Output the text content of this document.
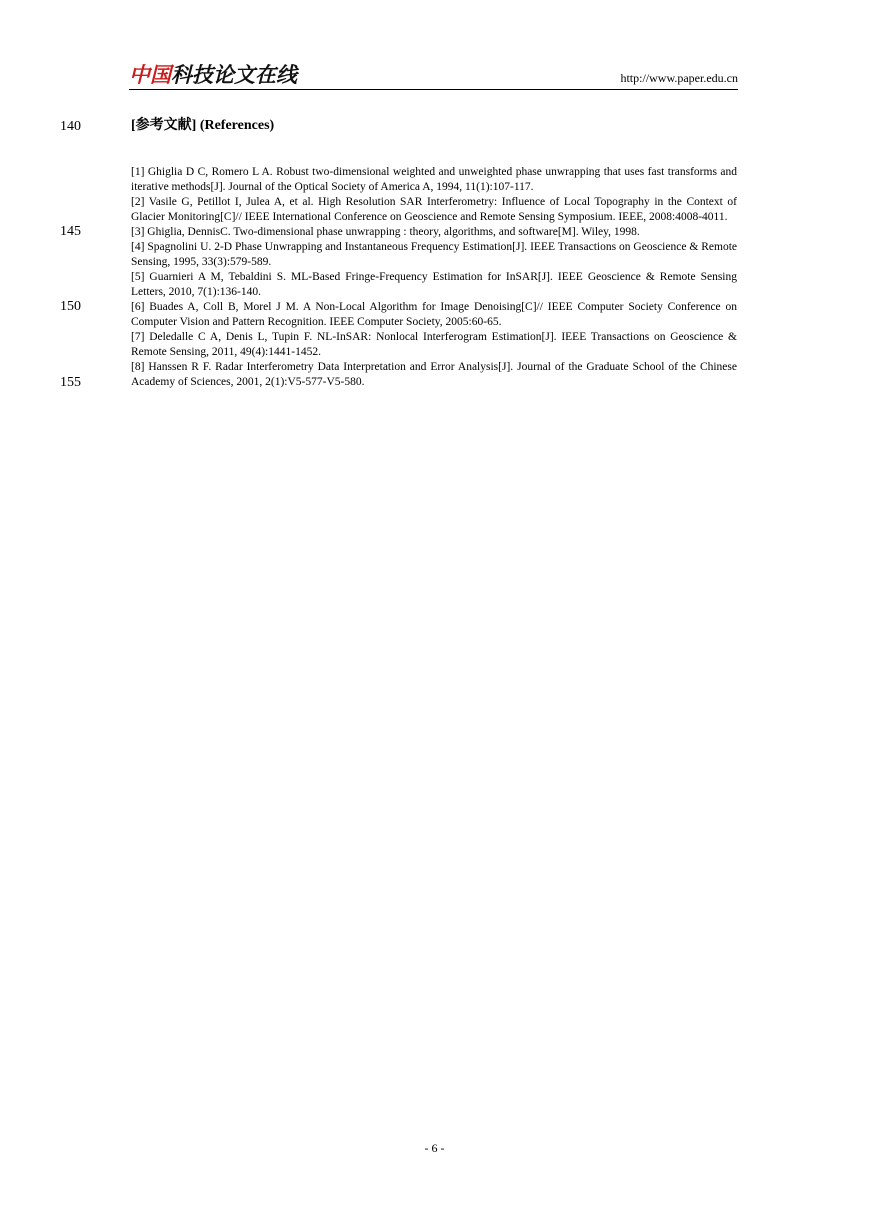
中国科技论文在线	http://www.paper.edu.cn
140
145
150
155
[参考文献] (References)

[1] Ghiglia D C, Romero L A. Robust two-dimensional weighted and unweighted phase unwrapping that uses fast transforms and iterative methods[J]. Journal of the Optical Society of America A, 1994, 11(1):107-117.

[2] Vasile G, Petillot I, Julea A, et al. High Resolution SAR Interferometry: Influence of Local Topography in the Context of Glacier Monitoring[C]// IEEE International Conference on Geoscience and Remote Sensing Symposium. IEEE, 2008:4008-4011.

[3] Ghiglia, DennisC. Two-dimensional phase unwrapping : theory, algorithms, and software[M]. Wiley, 1998.

[4] Spagnolini U. 2-D Phase Unwrapping and Instantaneous Frequency Estimation[J]. IEEE Transactions on Geoscience & Remote Sensing, 1995, 33(3):579-589.

[5] Guarnieri A M, Tebaldini S. ML-Based Fringe-Frequency Estimation for InSAR[J]. IEEE Geoscience & Remote Sensing Letters, 2010, 7(1):136-140.

[6] Buades A, Coll B, Morel J M. A Non-Local Algorithm for Image Denoising[C]// IEEE Computer Society Conference on Computer Vision and Pattern Recognition. IEEE Computer Society, 2005:60-65.

[7] Deledalle C A, Denis L, Tupin F. NL-InSAR: Nonlocal Interferogram Estimation[J]. IEEE Transactions on Geoscience & Remote Sensing, 2011, 49(4):1441-1452.

[8] Hanssen R F. Radar Interferometry Data Interpretation and Error Analysis[J]. Journal of the Graduate School of the Chinese Academy of Sciences, 2001, 2(1):V5-577-V5-580.

- 6 -
